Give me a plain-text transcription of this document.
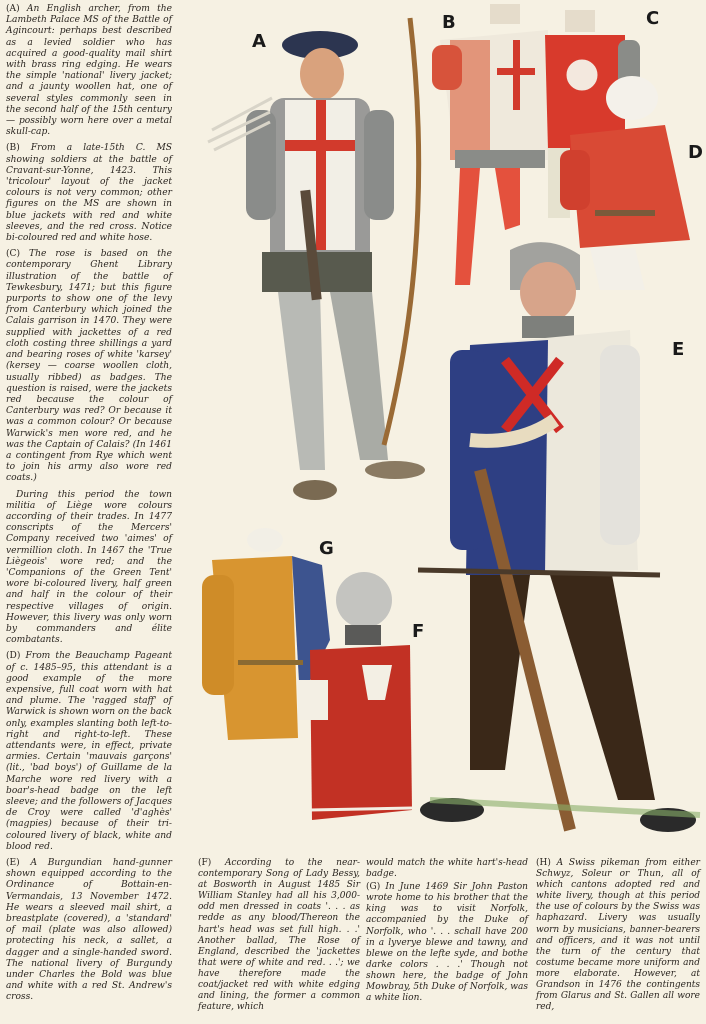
A
B	C
D
E
G
F

(A) An English archer, from the Lambeth Palace MS of the Battle of Agincourt: perhaps best described as a levied soldier who has acquired a good-quality mail shirt with brass ring edging. He wears the simple 'national' livery jacket; and a jaunty woollen hat, one of several styles commonly seen in the second half of the 15th century — possibly worn here over a metal skull-cap.

(B) From a late-15th C. MS showing soldiers at the battle of Cravant-sur-Yonne, 1423. This 'tricolour' layout of the jacket colours is not very common; other figures on the MS are shown in blue jackets with red and white sleeves, and the red cross. Notice bi-coloured red and white hose.

(C) The rose is based on the contemporary Ghent Library illustration of the battle of Tewkesbury, 1471; but this figure purports to show one of the levy from Canterbury which joined the Calais garrison in 1470. They were supplied with jackettes of a red cloth costing three shillings a yard and bearing roses of white 'karsey' (kersey — coarse woollen cloth, usually ribbed) as badges. The question is raised, were the jackets red because the colour of Canterbury was red? Or because it was a common colour? Or because Warwick's men wore red, and he was the Captain of Calais? (In 1461 a contingent from Rye which went to join his army also wore red coats.)

During this period the town militia of Liège wore colours according of their trades. In 1477 conscripts of the Mercers' Company received two 'aimes' of vermillion cloth. In 1467 the 'True Liègeois' wore red; and the 'Companions of the Green Tent' wore bi-coloured livery, half green and half in the colour of their respective villages of origin. However, this livery was only worn by commanders and élite combatants.

(D) From the Beauchamp Pageant of c. 1485–95, this attendant is a good example of the more expensive, full coat worn with hat and plume. The 'ragged staff' of Warwick is shown worn on the back only, examples slanting both left-to-right and right-to-left. These attendants were, in effect, private armies. Certain 'mauvais garçons' (lit., 'bad boys') of Guillame de la Marche wore red livery with a boar's-head badge on the left sleeve; and the followers of Jacques de Croy were called 'd'aghès' (magpies) because of their tri-coloured livery of black, white and blood red.

(E) A Burgundian hand-gunner shown equipped according to the Ordinance of Bottain-en-Vermandais, 13 November 1472. He wears a sleeved mail shirt, a breastplate (covered), a 'standard' of mail (plate was also allowed) protecting his neck, a sallet, a dagger and a single-handed sword. The national livery of Burgundy under Charles the Bold was blue and white with a red St. Andrew's cross.

(F) According to the near-contemporary Song of Lady Bessy, at Bosworth in August 1485 Sir William Stanley had all his 3,000-odd men dressed in coats '. . . as redde as any blood/Thereon the hart's head was set full high. . .' Another ballad, The Rose of England, described the 'jackettes that were of white and red. . .'; we have therefore made the coat/jacket red with white edging and lining, the former a common feature, which

would match the white hart's-head badge.

(G) In June 1469 Sir John Paston wrote home to his brother that the king was to visit Norfolk, accompanied by the Duke of Norfolk, who '. . . schall have 200 in a lyverye blewe and tawny, and blewe on the lefte syde, and bothe darke colors . . .' Though not shown here, the badge of John Mowbray, 5th Duke of Norfolk, was a white lion.

(H) A Swiss pikeman from either Schwyz, Soleur or Thun, all of which cantons adopted red and white livery, though at this period the use of colours by the Swiss was haphazard. Livery was usually worn by musicians, banner-bearers and officers, and it was not until the turn of the century that costume became more uniform and more elaborate. However, at Grandson in 1476 the contingents from Glarus and St. Gallen all wore red,
